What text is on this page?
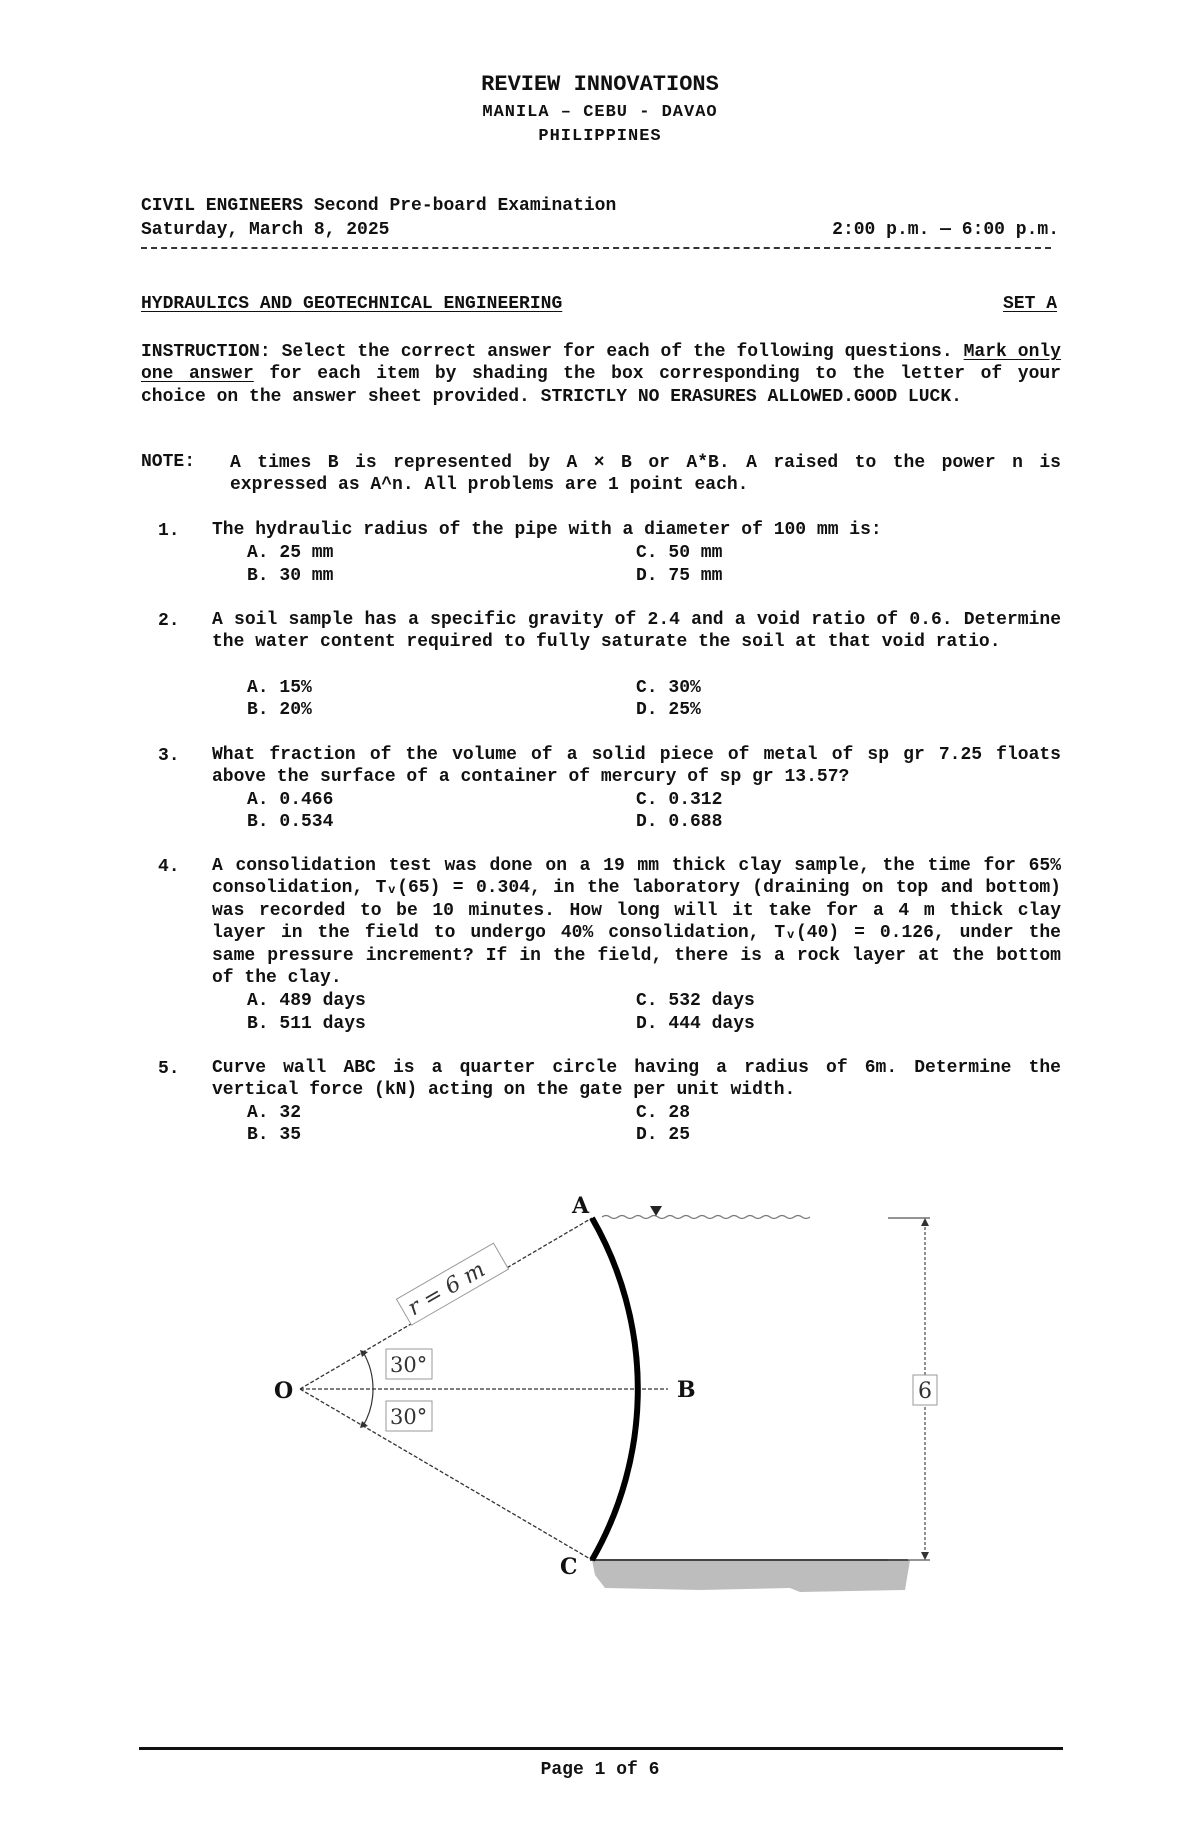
REVIEW INNOVATIONS
MANILA – CEBU - DAVAO
PHILIPPINES
CIVIL ENGINEERS Second Pre-board Examination
Saturday, March 8, 2025	2:00 p.m. — 6:00 p.m.
HYDRAULICS AND GEOTECHNICAL ENGINEERING	SET A
INSTRUCTION: Select the correct answer for each of the following questions. Mark only one answer for each item by shading the box corresponding to the letter of your choice on the answer sheet provided. STRICTLY NO ERASURES ALLOWED.GOOD LUCK.
NOTE: A times B is represented by A × B or A*B. A raised to the power n is expressed as A^n. All problems are 1 point each.
1. The hydraulic radius of the pipe with a diameter of 100 mm is:
A. 25 mm	C. 50 mm
B. 30 mm	D. 75 mm
2. A soil sample has a specific gravity of 2.4 and a void ratio of 0.6. Determine the water content required to fully saturate the soil at that void ratio.
A. 15%	C. 30%
B. 20%	D. 25%
3. What fraction of the volume of a solid piece of metal of sp gr 7.25 floats above the surface of a container of mercury of sp gr 13.57?
A. 0.466	C. 0.312
B. 0.534	D. 0.688
4. A consolidation test was done on a 19 mm thick clay sample, the time for 65% consolidation, Tᵥ(65) = 0.304, in the laboratory (draining on top and bottom) was recorded to be 10 minutes. How long will it take for a 4 m thick clay layer in the field to undergo 40% consolidation, Tᵥ(40) = 0.126, under the same pressure increment? If in the field, there is a rock layer at the bottom of the clay.
A. 489 days	C. 532 days
B. 511 days	D. 444 days
5. Curve wall ABC is a quarter circle having a radius of 6m. Determine the vertical force (kN) acting on the gate per unit width.
A. 32	C. 28
B. 35	D. 25
A
B
C
O
30°
30°
6
r = 6 m
Page 1 of 6
